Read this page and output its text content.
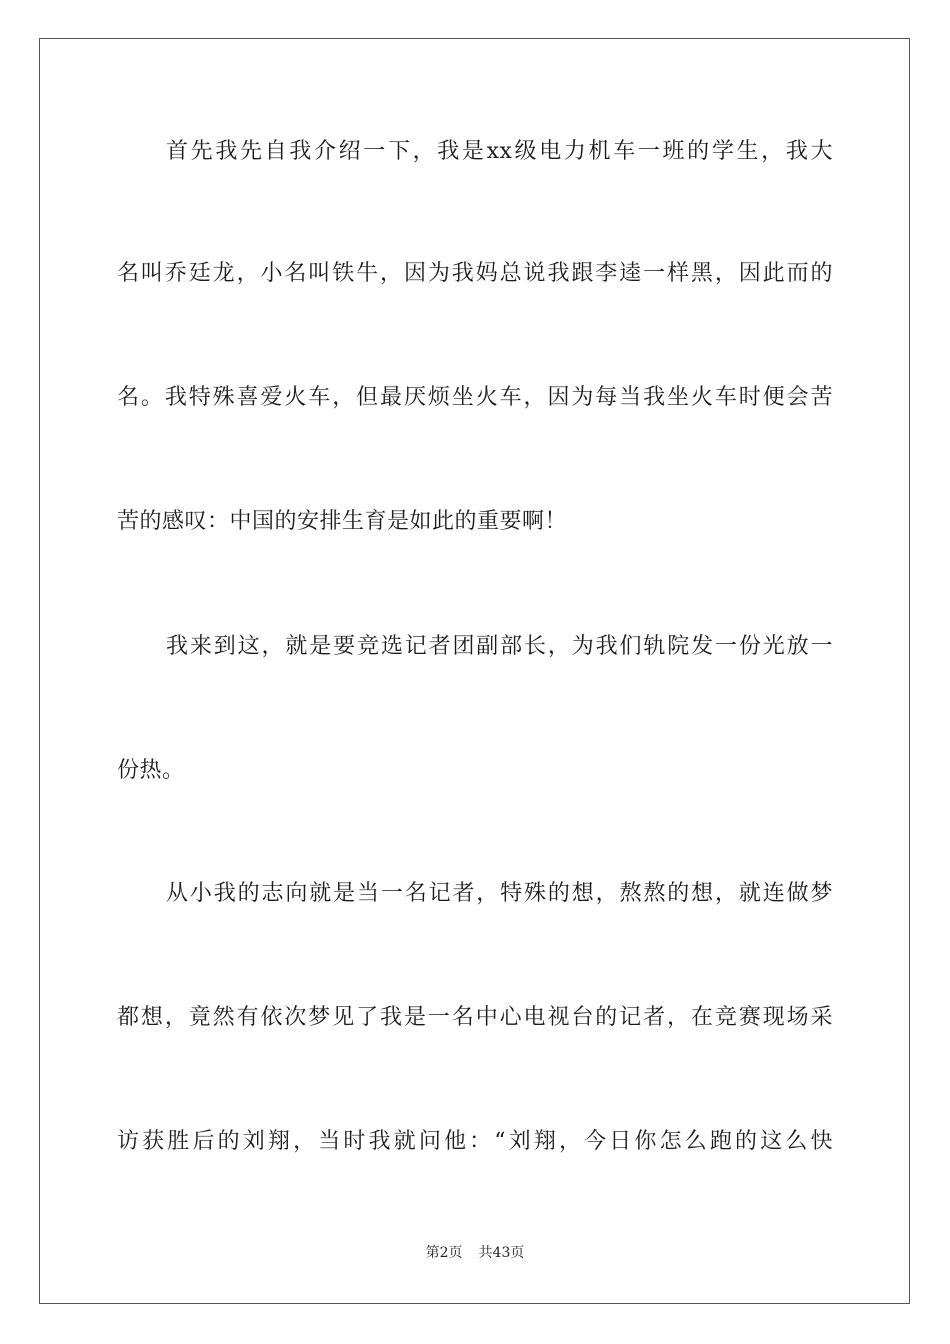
首先我先自我介绍一下，我是xx级电力机车一班的学生，我大
名叫乔廷龙，小名叫铁牛，因为我妈总说我跟李逵一样黑，因此而的
名。我特殊喜爱火车，但最厌烦坐火车，因为每当我坐火车时便会苦
苦的感叹：中国的安排生育是如此的重要啊！
我来到这，就是要竞选记者团副部长，为我们轨院发一份光放一
份热。
从小我的志向就是当一名记者，特殊的想，熬熬的想，就连做梦
都想，竟然有依次梦见了我是一名中心电视台的记者，在竞赛现场采
访获胜后的刘翔，当时我就问他：“刘翔，今日你怎么跑的这么快
第2页 共43页
